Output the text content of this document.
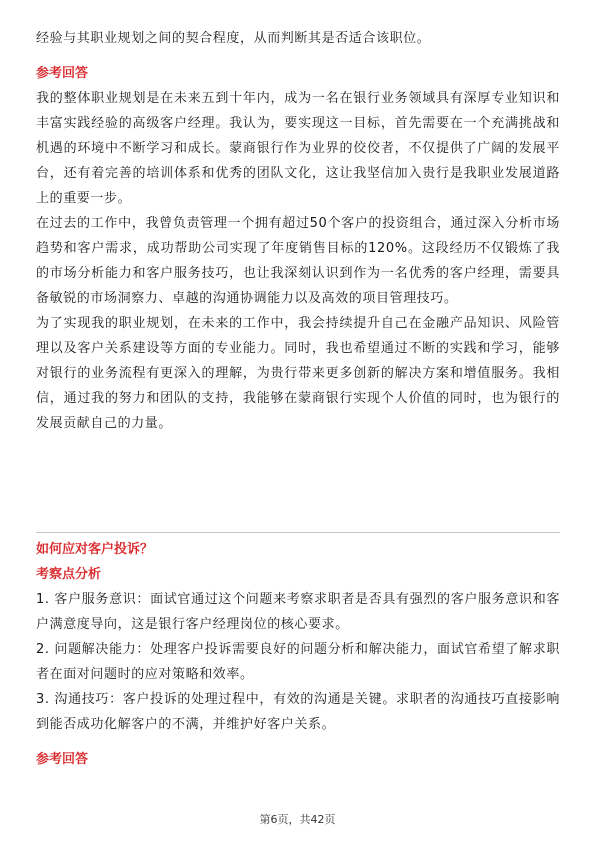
经验与其职业规划之间的契合程度，从而判断其是否适合该职位。

参考回答

我的整体职业规划是在未来五到十年内，成为一名在银行业务领域具有深厚专业知识和丰富实践经验的高级客户经理。我认为，要实现这一目标，首先需要在一个充满挑战和机遇的环境中不断学习和成长。蒙商银行作为业界的佼佼者，不仅提供了广阔的发展平台，还有着完善的培训体系和优秀的团队文化，这让我坚信加入贵行是我职业发展道路上的重要一步。

在过去的工作中，我曾负责管理一个拥有超过50个客户的投资组合，通过深入分析市场趋势和客户需求，成功帮助公司实现了年度销售目标的120%。这段经历不仅锻炼了我的市场分析能力和客户服务技巧，也让我深刻认识到作为一名优秀的客户经理，需要具备敏锐的市场洞察力、卓越的沟通协调能力以及高效的项目管理技巧。

为了实现我的职业规划，在未来的工作中，我会持续提升自己在金融产品知识、风险管理以及客户关系建设等方面的专业能力。同时，我也希望通过不断的实践和学习，能够对银行的业务流程有更深入的理解，为贵行带来更多创新的解决方案和增值服务。我相信，通过我的努力和团队的支持，我能够在蒙商银行实现个人价值的同时，也为银行的发展贡献自己的力量。

如何应对客户投诉？

考察点分析

1. 客户服务意识：面试官通过这个问题来考察求职者是否具有强烈的客户服务意识和客户满意度导向，这是银行客户经理岗位的核心要求。

2. 问题解决能力：处理客户投诉需要良好的问题分析和解决能力，面试官希望了解求职者在面对问题时的应对策略和效率。

3. 沟通技巧：客户投诉的处理过程中，有效的沟通是关键。求职者的沟通技巧直接影响到能否成功化解客户的不满，并维护好客户关系。

参考回答

第6页，共42页
